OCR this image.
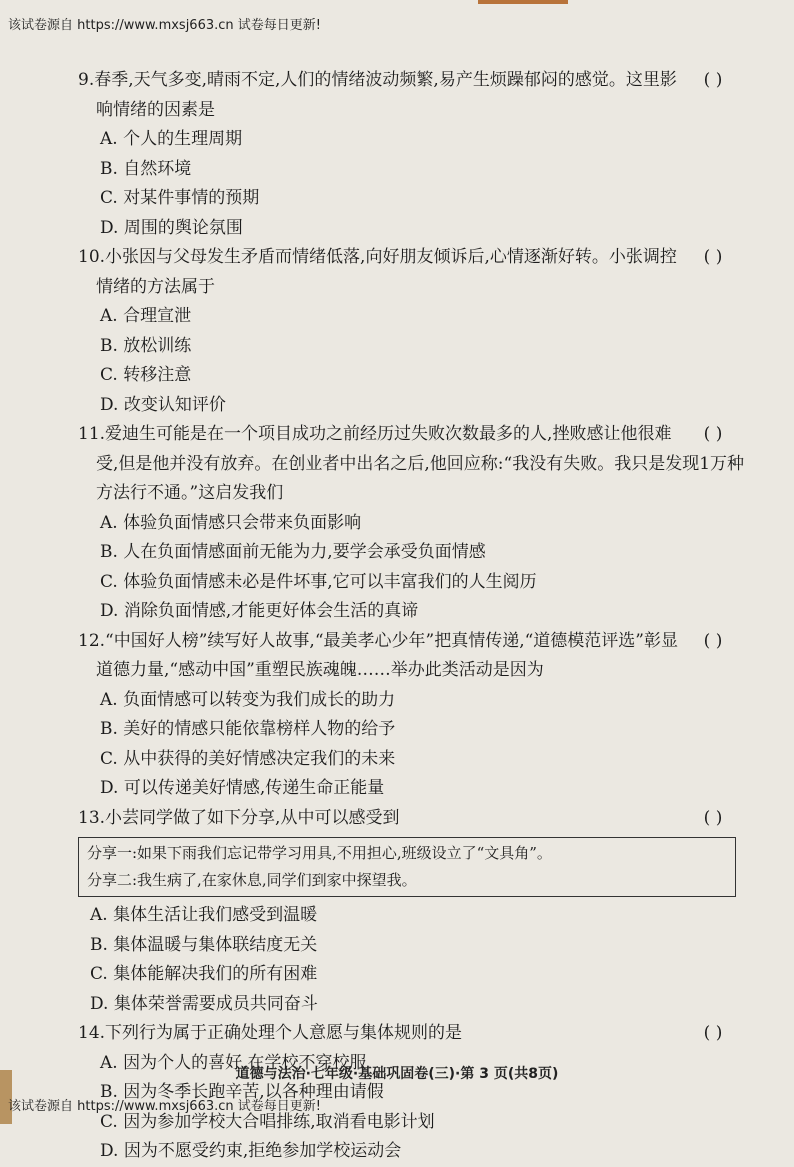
该试卷源自 https://www.mxsj663.cn 试卷每日更新!

( )
9.春季,天气多变,晴雨不定,人们的情绪波动频繁,易产生烦躁郁闷的感觉。这里影响情绪的因素是

A. 个人的生理周期

B. 自然环境

C. 对某件事情的预期

D. 周围的舆论氛围

( )
10.小张因与父母发生矛盾而情绪低落,向好朋友倾诉后,心情逐渐好转。小张调控情绪的方法属于

A. 合理宣泄

B. 放松训练

C. 转移注意

D. 改变认知评价

( )
11.爱迪生可能是在一个项目成功之前经历过失败次数最多的人,挫败感让他很难受,但是他并没有放弃。在创业者中出名之后,他回应称:“我没有失败。我只是发现1万种方法行不通。”这启发我们

A. 体验负面情感只会带来负面影响

B. 人在负面情感面前无能为力,要学会承受负面情感

C. 体验负面情感未必是件坏事,它可以丰富我们的人生阅历

D. 消除负面情感,才能更好体会生活的真谛

( )
12.“中国好人榜”续写好人故事,“最美孝心少年”把真情传递,“道德模范评选”彰显道德力量,“感动中国”重塑民族魂魄……举办此类活动是因为

A. 负面情感可以转变为我们成长的助力

B. 美好的情感只能依靠榜样人物的给予

C. 从中获得的美好情感决定我们的未来

D. 可以传递美好情感,传递生命正能量

( )
13.小芸同学做了如下分享,从中可以感受到

分享一:如果下雨我们忘记带学习用具,不用担心,班级设立了“文具角”。
分享二:我生病了,在家休息,同学们到家中探望我。

A. 集体生活让我们感受到温暖

B. 集体温暖与集体联结度无关

C. 集体能解决我们的所有困难

D. 集体荣誉需要成员共同奋斗

( )
14.下列行为属于正确处理个人意愿与集体规则的是

A. 因为个人的喜好,在学校不穿校服

B. 因为冬季长跑辛苦,以各种理由请假

C. 因为参加学校大合唱排练,取消看电影计划

D. 因为不愿受约束,拒绝参加学校运动会

道德与法治·七年级·基础巩固卷(三)·第 3 页(共8页)
该试卷源自 https://www.mxsj663.cn 试卷每日更新!
